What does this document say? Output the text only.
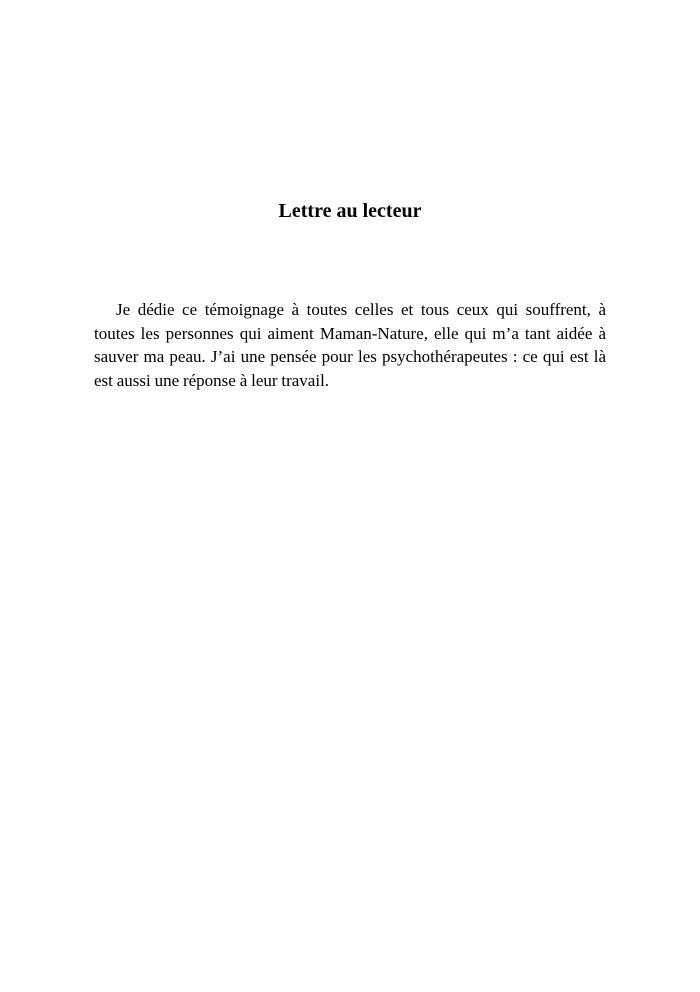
Lettre au lecteur

Je dédie ce témoignage à toutes celles et tous ceux qui souffrent, à toutes les personnes qui aiment Maman-Nature, elle qui m’a tant aidée à sauver ma peau. J’ai une pensée pour les psychothérapeutes : ce qui est là est aussi une réponse à leur travail.
